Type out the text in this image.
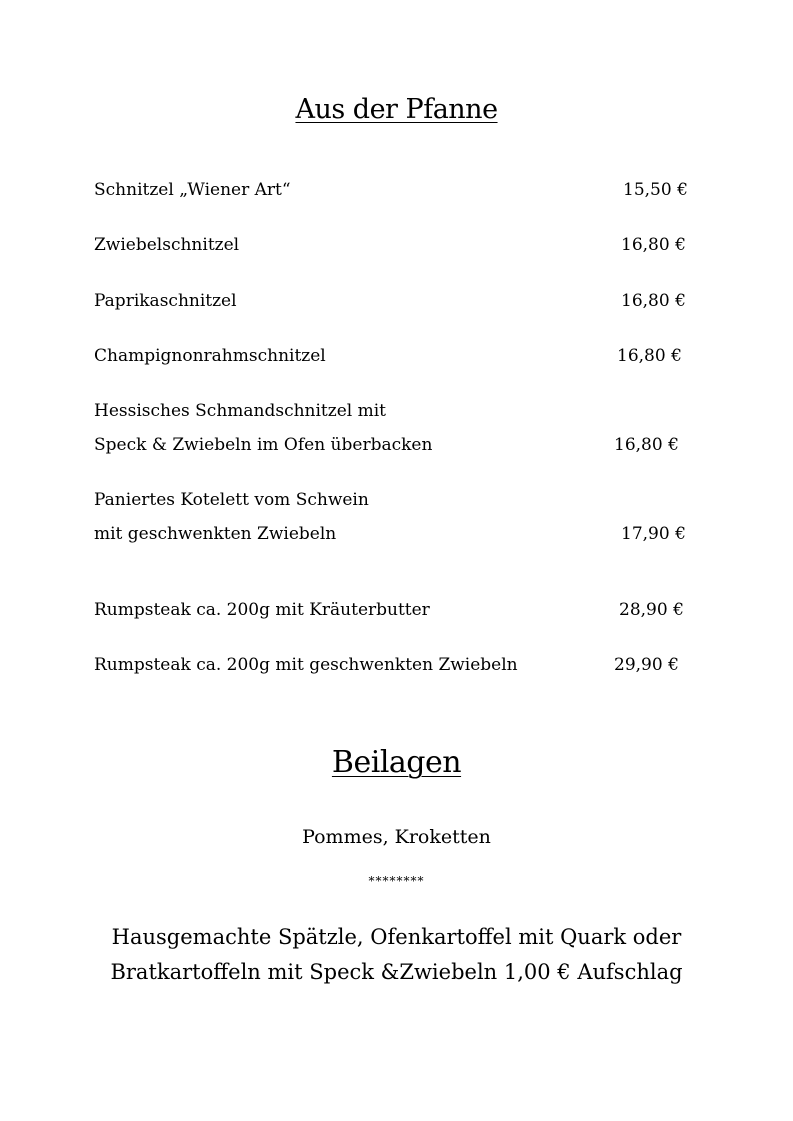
Aus der Pfanne
Schnitzel „Wiener Art“	15,50 €
Zwiebelschnitzel	16,80 €
Paprikaschnitzel	16,80 €
Champignonrahmschnitzel	16,80 €
Hessisches Schmandschnitzel mit
Speck & Zwiebeln im Ofen überbacken	16,80 €
Paniertes Kotelett vom Schwein
mit geschwenkten Zwiebeln	17,90 €
Rumpsteak ca. 200g mit Kräuterbutter	28,90 €
Rumpsteak ca. 200g mit geschwenkten Zwiebeln	29,90 €
Beilagen
Pommes, Kroketten
********
Hausgemachte Spätzle, Ofenkartoffel mit Quark oder
Bratkartoffeln mit Speck &Zwiebeln 1,00 € Aufschlag
